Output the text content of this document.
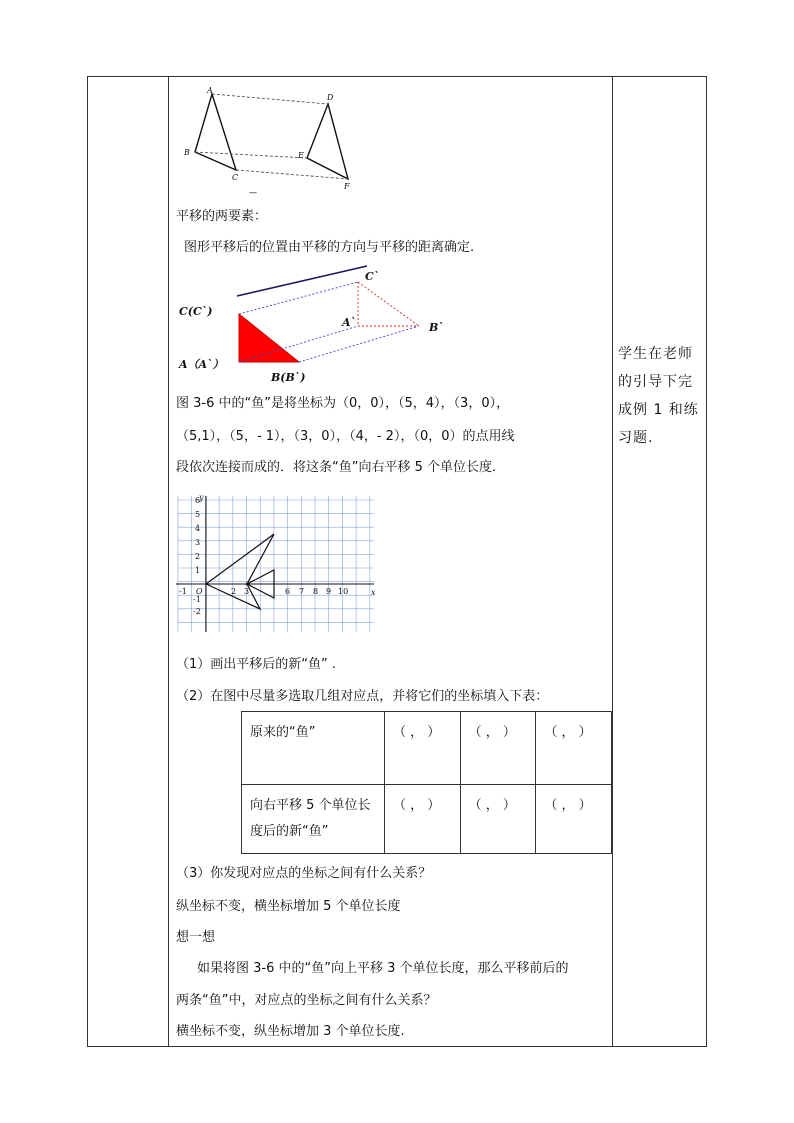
A
B
C
D
E
F
—
平移的两要素：
图形平移后的位置由平移的方向与平移的距离确定.
C`
C(C`)
A`	B`
A（A`）
B(B`)
图 3-6 中的“鱼”是将坐标为（0，0），（5，4），（3，0），
（5,1），（5，- 1），（3，0），（4，- 2），（0，0）的点用线
段依次连接而成的．将这条“鱼”向右平移 5 个单位长度.
y
x
O
-1	2 3	6 7 8 9 10
6
5
4
3
2
1
-1
-2
（1）画出平移后的新“鱼” .
（2）在图中尽量多选取几组对应点，并将它们的坐标填入下表：
原来的“鱼”	（ ， ）	（ ， ）	（ ， ）
向右平移 5 个单位长度后的新“鱼”	（ ， ）	（ ， ）	（ ， ）
（3）你发现对应点的坐标之间有什么关系？
纵坐标不变，横坐标增加 5 个单位长度
想一想
如果将图 3-6 中的“鱼”向上平移 3 个单位长度，那么平移前后的
两条“鱼”中，对应点的坐标之间有什么关系？
横坐标不变，纵坐标增加 3 个单位长度.
学生在老师的引导下完成例 1 和练习题.
